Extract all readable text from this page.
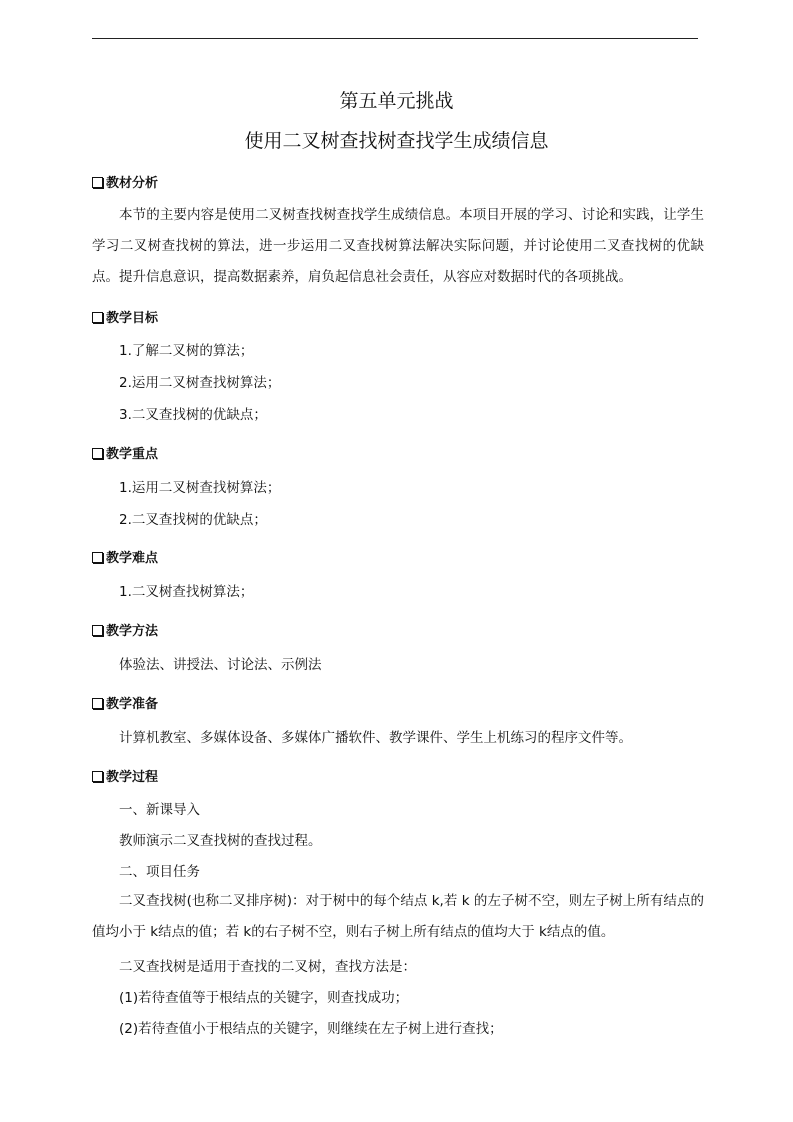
第五单元挑战
使用二叉树查找树查找学生成绩信息
教材分析
本节的主要内容是使用二叉树查找树查找学生成绩信息。本项目开展的学习、讨论和实践，让学生学习二叉树查找树的算法，进一步运用二叉查找树算法解决实际问题，并讨论使用二叉查找树的优缺点。提升信息意识，提高数据素养，肩负起信息社会责任，从容应对数据时代的各项挑战。
教学目标
1.了解二叉树的算法；
2.运用二叉树查找树算法；
3.二叉查找树的优缺点；
教学重点
1.运用二叉树查找树算法；
2.二叉查找树的优缺点；
教学难点
1.二叉树查找树算法；
教学方法
体验法、讲授法、讨论法、示例法
教学准备
计算机教室、多媒体设备、多媒体广播软件、教学课件、学生上机练习的程序文件等。
教学过程
一、新课导入
教师演示二叉查找树的查找过程。
二、项目任务
二叉查找树(也称二叉排序树)：对于树中的每个结点 k,若 k 的左子树不空，则左子树上所有结点的值均小于 k结点的值；若 k的右子树不空，则右子树上所有结点的值均大于 k结点的值。
二叉查找树是适用于查找的二叉树，查找方法是：
(1)若待查值等于根结点的关键字，则查找成功；
(2)若待查值小于根结点的关键字，则继续在左子树上进行查找；
